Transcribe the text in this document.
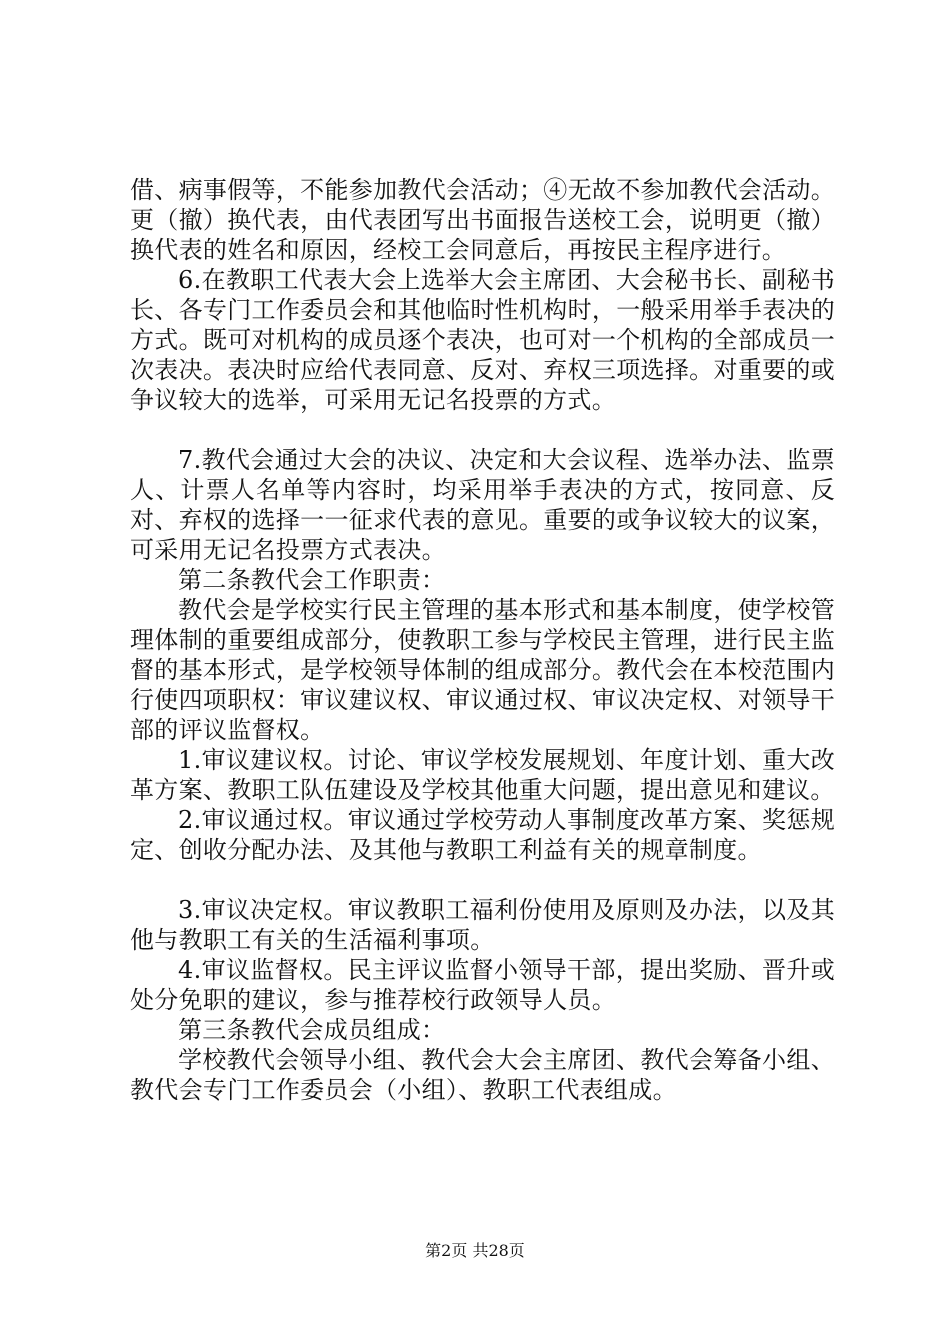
借、病事假等，不能参加教代会活动；④无故不参加教代会活动。更（撤）换代表，由代表团写出书面报告送校工会，说明更（撤）换代表的姓名和原因，经校工会同意后，再按民主程序进行。

6.在教职工代表大会上选举大会主席团、大会秘书长、副秘书长、各专门工作委员会和其他临时性机构时，一般采用举手表决的方式。既可对机构的成员逐个表决，也可对一个机构的全部成员一次表决。表决时应给代表同意、反对、弃权三项选择。对重要的或争议较大的选举，可采用无记名投票的方式。

7.教代会通过大会的决议、决定和大会议程、选举办法、监票人、计票人名单等内容时，均采用举手表决的方式，按同意、反对、弃权的选择一一征求代表的意见。重要的或争议较大的议案，可采用无记名投票方式表决。

第二条教代会工作职责：

教代会是学校实行民主管理的基本形式和基本制度，使学校管理体制的重要组成部分，使教职工参与学校民主管理，进行民主监督的基本形式，是学校领导体制的组成部分。教代会在本校范围内行使四项职权：审议建议权、审议通过权、审议决定权、对领导干部的评议监督权。

1.审议建议权。讨论、审议学校发展规划、年度计划、重大改革方案、教职工队伍建设及学校其他重大问题，提出意见和建议。

2.审议通过权。审议通过学校劳动人事制度改革方案、奖惩规定、创收分配办法、及其他与教职工利益有关的规章制度。

3.审议决定权。审议教职工福利份使用及原则及办法，以及其他与教职工有关的生活福利事项。

4.审议监督权。民主评议监督小领导干部，提出奖励、晋升或处分免职的建议，参与推荐校行政领导人员。

第三条教代会成员组成：

学校教代会领导小组、教代会大会主席团、教代会筹备小组、教代会专门工作委员会（小组）、教职工代表组成。

第2页 共28页
